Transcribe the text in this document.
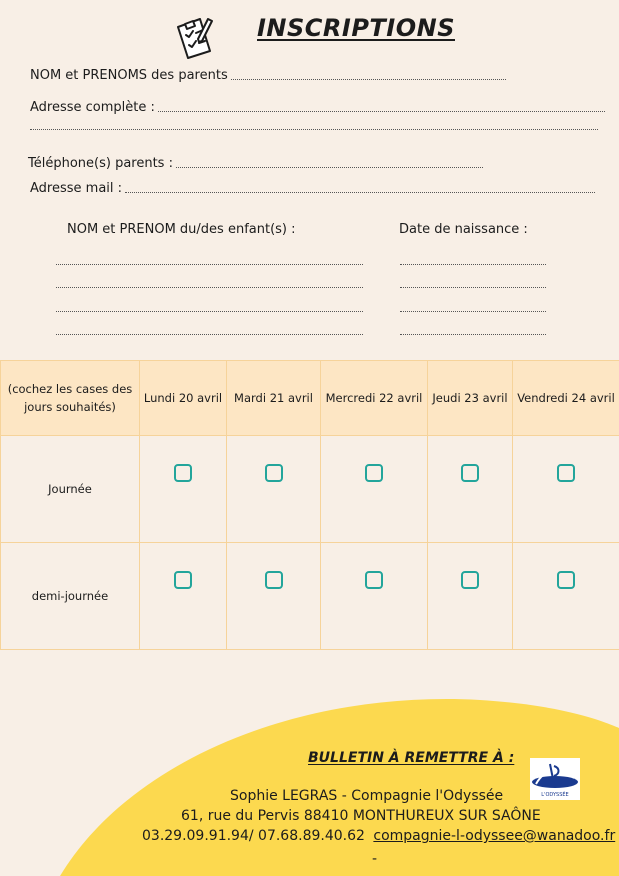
INSCRIPTIONS
NOM et PRENOMS des parents
Adresse complète :
Téléphone(s) parents :
Adresse mail :
NOM et PRENOM du/des enfant(s) :	Date de naissance :
(cochez les cases des jours souhaités)	Lundi 20 avril	Mardi 21 avril	Mercredi 22 avril	Jeudi 23 avril	Vendredi 24 avril
Journée					
demi-journée					
BULLETIN À REMETTRE À :
L'ODYSSÉE
Sophie LEGRAS - Compagnie l'Odyssée
61, rue du Pervis 88410 MONTHUREUX SUR SAÔNE
03.29.09.91.94/ 07.68.89.40.62 compagnie-l-odyssee@wanadoo.fr
-
